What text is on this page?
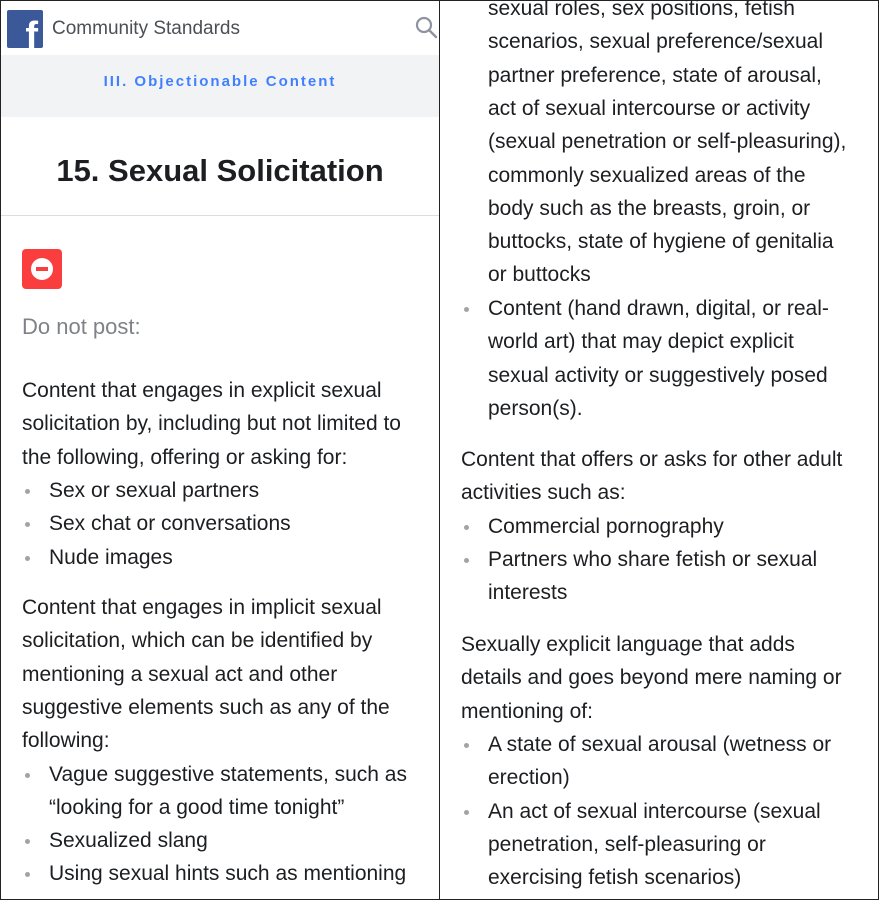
f Community Standards
III. Objectionable Content
15. Sexual Solicitation
Do not post:
Content that engages in explicit sexual
solicitation by, including but not limited to
the following, offering or asking for:
Sex or sexual partners
Sex chat or conversations
Nude images
Content that engages in implicit sexual
solicitation, which can be identified by
mentioning a sexual act and other
suggestive elements such as any of the
following:
Vague suggestive statements, such as
“looking for a good time tonight”
Sexualized slang
Using sexual hints such as mentioning
sexual roles, sex positions, fetish
scenarios, sexual preference/sexual
partner preference, state of arousal,
act of sexual intercourse or activity
(sexual penetration or self-pleasuring),
commonly sexualized areas of the
body such as the breasts, groin, or
buttocks, state of hygiene of genitalia
or buttocks
Content (hand drawn, digital, or real-
world art) that may depict explicit
sexual activity or suggestively posed
person(s).
Content that offers or asks for other adult
activities such as:
Commercial pornography
Partners who share fetish or sexual
interests
Sexually explicit language that adds
details and goes beyond mere naming or
mentioning of:
A state of sexual arousal (wetness or
erection)
An act of sexual intercourse (sexual
penetration, self-pleasuring or
exercising fetish scenarios)
